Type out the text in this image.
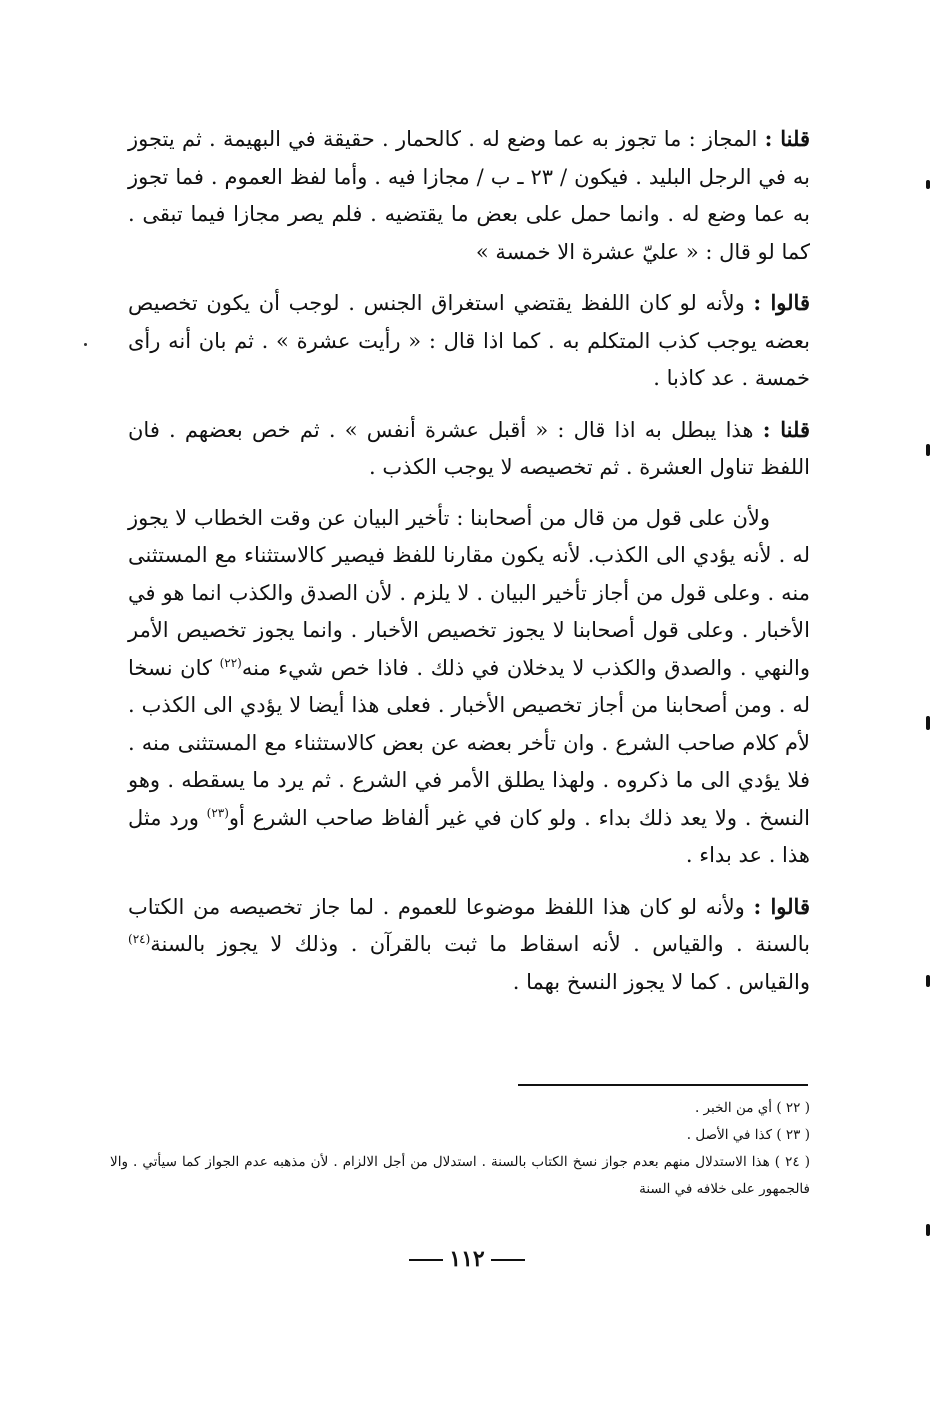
قلنا : المجاز : ما تجوز به عما وضع له . كالحمار . حقيقة في البهيمة . ثم يتجوز به في الرجل البليد . فيكون / ٢٣ ـ ب / مجازا فيه . وأما لفظ العموم . فما تجوز به عما وضع له . وانما حمل على بعض ما يقتضيه . فلم يصر مجازا فيما تبقى . كما لو قال : « عليّ عشرة الا خمسة »

قالوا : ولأنه لو كان اللفظ يقتضي استغراق الجنس . لوجب أن يكون تخصيص بعضه يوجب كذب المتكلم به . كما اذا قال : « رأيت عشرة » . ثم بان أنه رأى خمسة . عد كاذبا .

قلنا : هذا يبطل به اذا قال : « أقبل عشرة أنفس » . ثم خص بعضهم . فان اللفظ تناول العشرة . ثم تخصيصه لا يوجب الكذب .

ولأن على قول من قال من أصحابنا : تأخير البيان عن وقت الخطاب لا يجوز له . لأنه يؤدي الى الكذب. لأنه يكون مقارنا للفظ فيصير كالاستثناء مع المستثنى منه . وعلى قول من أجاز تأخير البيان . لا يلزم . لأن الصدق والكذب انما هو في الأخبار . وعلى قول أصحابنا لا يجوز تخصيص الأخبار . وانما يجوز تخصيص الأمر والنهي . والصدق والكذب لا يدخلان في ذلك . فاذا خص شيء منه$^{(٢٢)}$ كان نسخا له . ومن أصحابنا من أجاز تخصيص الأخبار . فعلى هذا أيضا لا يؤدي الى الكذب . لأم كلام صاحب الشرع . وان تأخر بعضه عن بعض كالاستثناء مع المستثنى منه . فلا يؤدي الى ما ذكروه . ولهذا يطلق الأمر في الشرع . ثم يرد ما يسقطه . وهو النسخ . ولا يعد ذلك بداء . ولو كان في غير ألفاظ صاحب الشرع أو$^{(٢٣)}$ ورد مثل هذا . عد بداء .

قالوا : ولأنه لو كان هذا اللفظ موضوعا للعموم . لما جاز تخصيصه من الكتاب بالسنة . والقياس . لأنه اسقاط ما ثبت بالقرآن . وذلك لا يجوز بالسنة$^{(٢٤)}$ والقياس . كما لا يجوز النسخ بهما .

( ٢٢ ) أي من الخبر .

( ٢٣ ) كذا في الأصل .

( ٢٤ ) هذا الاستدلال منهم بعدم جواز نسخ الكتاب بالسنة . استدلال من أجل الالزام . لأن مذهبه عدم الجواز كما سيأتي . والا فالجمهور على خلافه في السنة

١١٢
